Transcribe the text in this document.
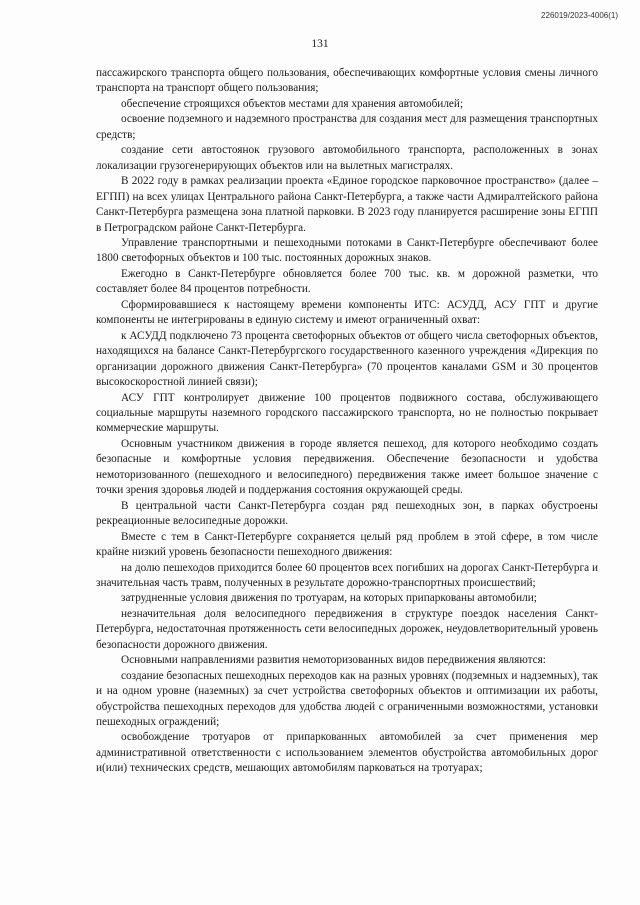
226019/2023-4006(1)
131

пассажирского транспорта общего пользования, обеспечивающих комфортные условия смены личного транспорта на транспорт общего пользования;

обеспечение строящихся объектов местами для хранения автомобилей;

освоение подземного и надземного пространства для создания мест для размещения транспортных средств;

создание сети автостоянок грузового автомобильного транспорта, расположенных в зонах локализации грузогенерирующих объектов или на вылетных магистралях.

В 2022 году в рамках реализации проекта «Единое городское парковочное пространство» (далее – ЕГПП) на всех улицах Центрального района Санкт-Петербурга, а также части Адмиралтейского района Санкт-Петербурга размещена зона платной парковки. В 2023 году планируется расширение зоны ЕГПП в Петроградском районе Санкт-Петербурга.

Управление транспортными и пешеходными потоками в Санкт-Петербурге обеспечивают более 1800 светофорных объектов и 100 тыс. постоянных дорожных знаков.

Ежегодно в Санкт-Петербурге обновляется более 700 тыс. кв. м дорожной разметки, что составляет более 84 процентов потребности.

Сформировавшиеся к настоящему времени компоненты ИТС: АСУДД, АСУ ГПТ и другие компоненты не интегрированы в единую систему и имеют ограниченный охват:

к АСУДД подключено 73 процента светофорных объектов от общего числа светофорных объектов, находящихся на балансе Санкт-Петербургского государственного казенного учреждения «Дирекция по организации дорожного движения Санкт-Петербурга» (70 процентов каналами GSM и 30 процентов высокоскоростной линией связи);

АСУ ГПТ контролирует движение 100 процентов подвижного состава, обслуживающего социальные маршруты наземного городского пассажирского транспорта, но не полностью покрывает коммерческие маршруты.

Основным участником движения в городе является пешеход, для которого необходимо создать безопасные и комфортные условия передвижения. Обеспечение безопасности и удобства немоторизованного (пешеходного и велосипедного) передвижения также имеет большое значение с точки зрения здоровья людей и поддержания состояния окружающей среды.

В центральной части Санкт-Петербурга создан ряд пешеходных зон, в парках обустроены рекреационные велосипедные дорожки.

Вместе с тем в Санкт-Петербурге сохраняется целый ряд проблем в этой сфере, в том числе крайне низкий уровень безопасности пешеходного движения:

на долю пешеходов приходится более 60 процентов всех погибших на дорогах Санкт-Петербурга и значительная часть травм, полученных в результате дорожно-транспортных происшествий;

затрудненные условия движения по тротуарам, на которых припаркованы автомобили;

незначительная доля велосипедного передвижения в структуре поездок населения Санкт-Петербурга, недостаточная протяженность сети велосипедных дорожек, неудовлетворительный уровень безопасности дорожного движения.

Основными направлениями развития немоторизованных видов передвижения являются:

создание безопасных пешеходных переходов как на разных уровнях (подземных и надземных), так и на одном уровне (наземных) за счет устройства светофорных объектов и оптимизации их работы, обустройства пешеходных переходов для удобства людей с ограниченными возможностями, установки пешеходных ограждений;

освобождение тротуаров от припаркованных автомобилей за счет применения мер административной ответственности с использованием элементов обустройства автомобильных дорог и(или) технических средств, мешающих автомобилям парковаться на тротуарах;
